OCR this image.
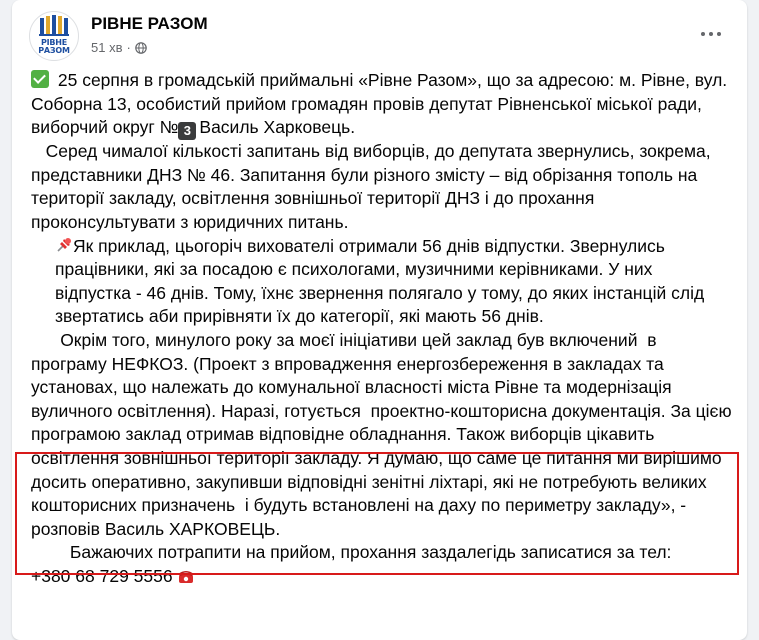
РІВНЕ
РАЗОМ
РІВНЕ РАЗОМ
51 хв ·

25 серпня в громадській приймальні «Рівне Разом», що за адресою: м. Рівне, вул. Соборна 13, особистий прийом громадян провів депутат Рівненської міської ради, виборчий округ № 3 Василь Харковець.

Серед чималої кількості запитань від виборців, до депутата звернулись, зокрема, представники ДНЗ № 46. Запитання були різного змісту – від обрізання тополь на території закладу, освітлення зовнішньої території ДНЗ і до прохання проконсультувати з юридичних питань.

Як приклад, цьогоріч вихователі отримали 56 днів відпустки. Звернулись працівники, які за посадою є психологами, музичними керівниками. У них відпустка - 46 днів. Тому, їхнє звернення полягало у тому, до яких інстанцій слід звертатись аби прирівняти їх до категорії, які мають 56 днів.

Окрім того, минулого року за моєї ініціативи цей заклад був включений  в програму НЕФКОЗ. (Проект з впровадження енергозбереження в закладах та установах, що належать до комунальної власності міста Рівне та модернізація вуличного освітлення). Наразі, готується  проектно-кошторисна документація. За цією програмою заклад отримав відповідне обладнання. Також виборців цікавить освітлення зовнішньої території закладу. Я думаю, що саме це питання ми вирішимо досить оперативно, закупивши відповідні зенітні ліхтарі, які не потребують великих кошторисних призначень  і будуть встановлені на даху по периметру закладу», - розповів Василь ХАРКОВЕЦЬ.

Бажаючих потрапити на прийом, прохання заздалегідь записатися за тел:

+380 68 729 5556
